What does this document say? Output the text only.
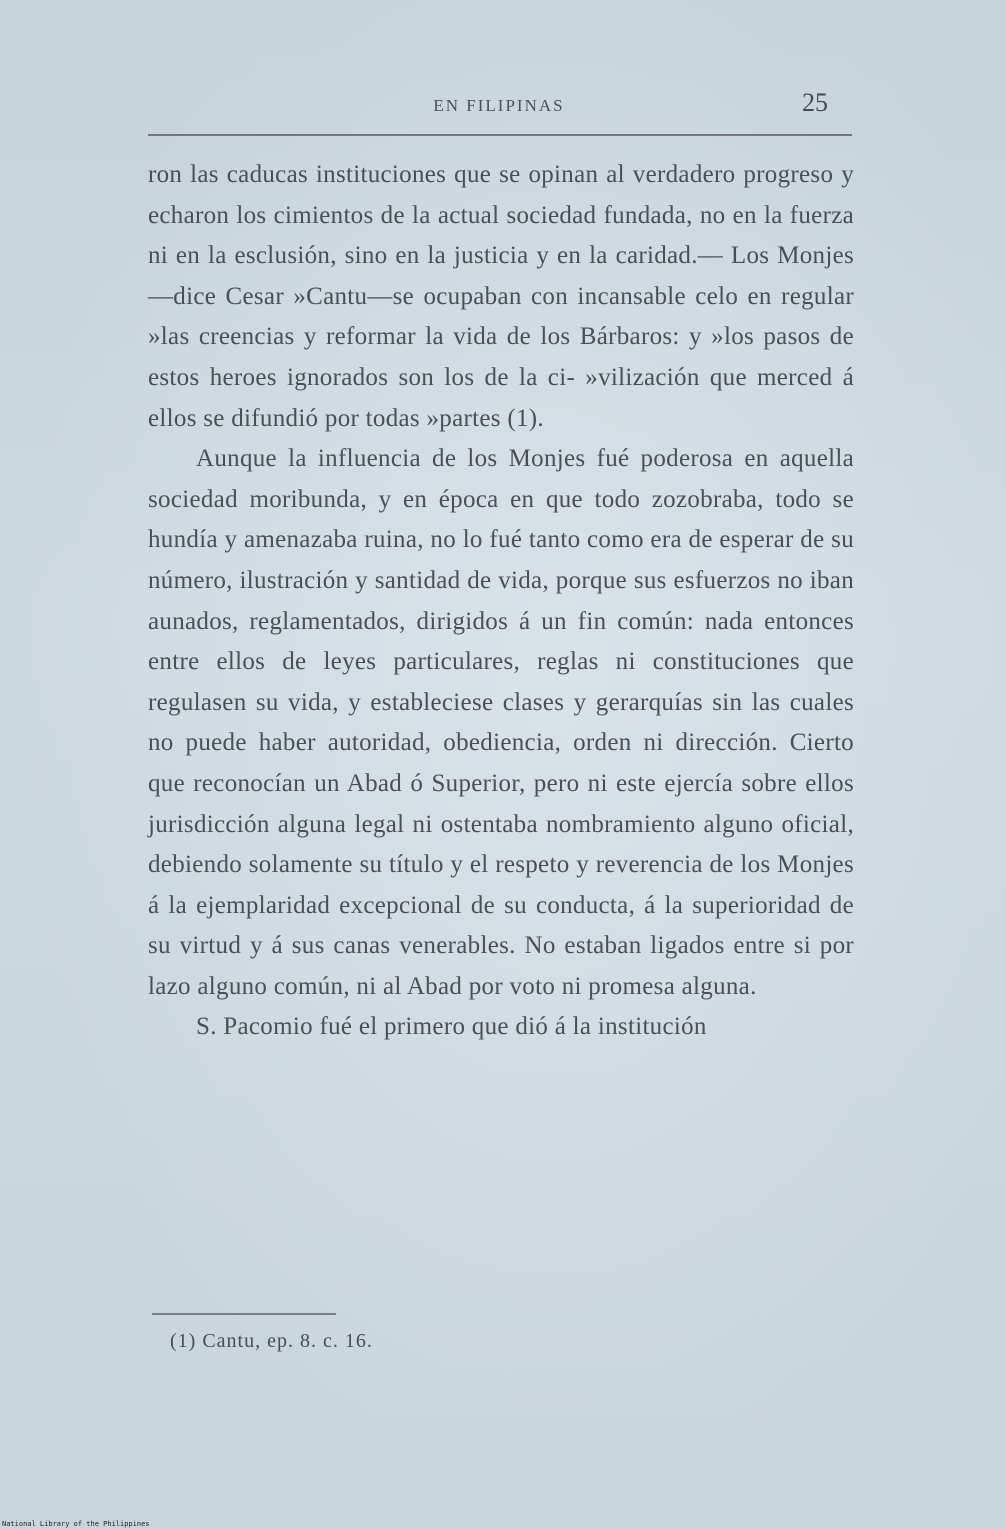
EN FILIPINAS	25

ron las caducas instituciones que se opinan al verdadero progreso y echaron los cimientos de la actual sociedad fundada, no en la fuerza ni en la esclusión, sino en la justicia y en la caridad.— Los Monjes—dice Cesar »Cantu—se ocupaban con incansable celo en regular »las creencias y reformar la vida de los Bárbaros: y »los pasos de estos heroes ignorados son los de la ci- »vilización que merced á ellos se difundió por todas »partes (1).

Aunque la influencia de los Monjes fué poderosa en aquella sociedad moribunda, y en época en que todo zozobraba, todo se hundía y amenazaba ruina, no lo fué tanto como era de esperar de su número, ilustración y santidad de vida, porque sus esfuerzos no iban aunados, reglamentados, dirigidos á un fin común: nada entonces entre ellos de leyes particulares, reglas ni constituciones que regulasen su vida, y estableciese clases y gerarquías sin las cuales no puede haber autoridad, obediencia, orden ni dirección. Cierto que reconocían un Abad ó Superior, pero ni este ejercía sobre ellos jurisdicción alguna legal ni ostentaba nombramiento alguno oficial, debiendo solamente su título y el respeto y reverencia de los Monjes á la ejemplaridad excepcional de su conducta, á la superioridad de su virtud y á sus canas venerables. No estaban ligados entre si por lazo alguno común, ni al Abad por voto ni promesa alguna.

S. Pacomio fué el primero que dió á la institución

(1) Cantu, ep. 8. c. 16.
National Library of the Philippines
